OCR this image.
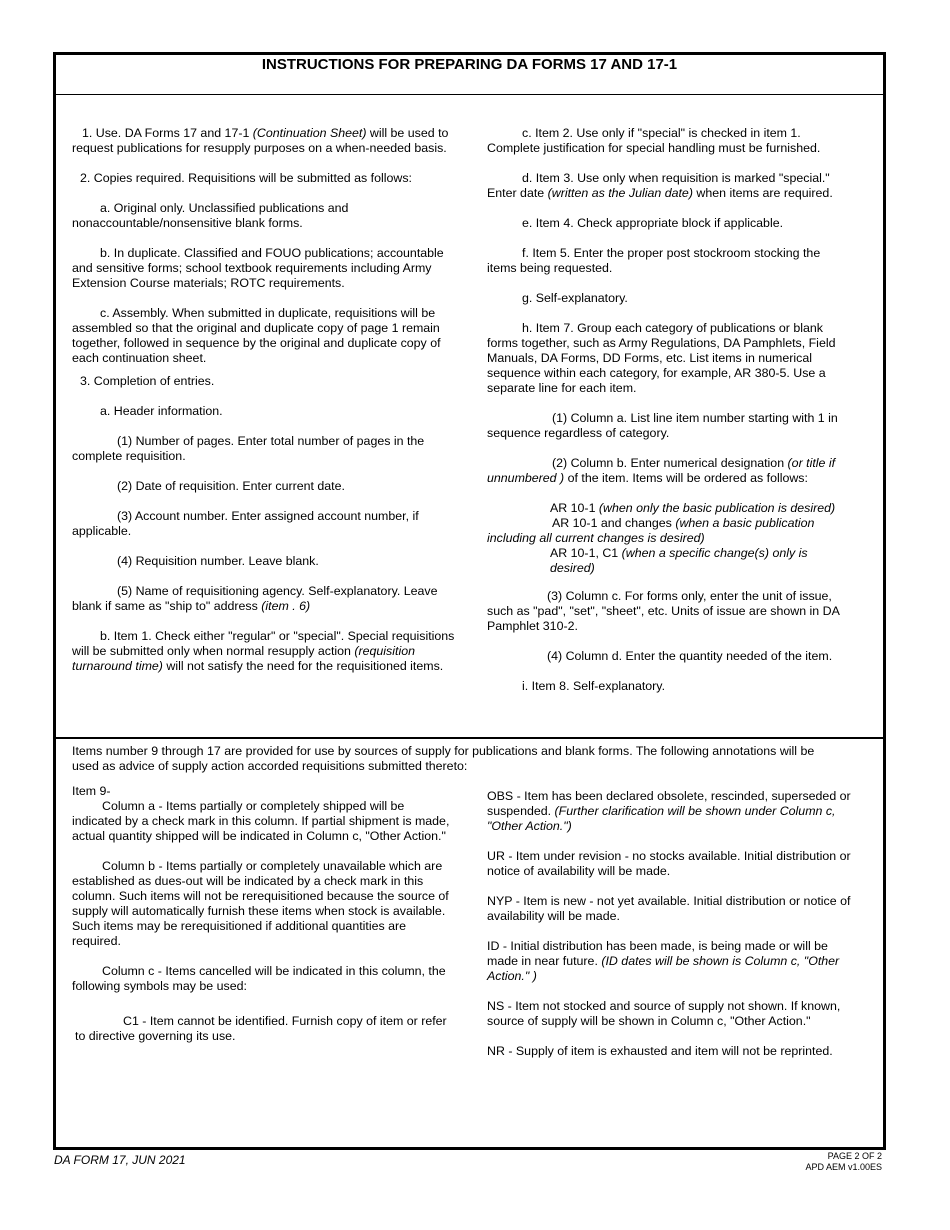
INSTRUCTIONS FOR PREPARING DA FORMS 17 AND 17-1

1. Use. DA Forms 17 and 17-1 (Continuation Sheet) will be used to request publications for resupply purposes on a when-needed basis.

2. Copies required. Requisitions will be submitted as follows:

a. Original only. Unclassified publications and nonaccountable/nonsensitive blank forms.

b. In duplicate. Classified and FOUO publications; accountable and sensitive forms; school textbook requirements including Army Extension Course materials; ROTC requirements.

c. Assembly. When submitted in duplicate, requisitions will be assembled so that the original and duplicate copy of page 1 remain together, followed in sequence by the original and duplicate copy of each continuation sheet.

3. Completion of entries.

a. Header information.

(1) Number of pages. Enter total number of pages in the complete requisition.

(2) Date of requisition. Enter current date.

(3) Account number. Enter assigned account number, if applicable.

(4) Requisition number. Leave blank.

(5) Name of requisitioning agency. Self-explanatory. Leave blank if same as "ship to" address (item . 6)

b. Item 1. Check either "regular" or "special". Special requisitions will be submitted only when normal resupply action (requisition turnaround time) will not satisfy the need for the requisitioned items.

c. Item 2. Use only if "special" is checked in item 1. Complete justification for special handling must be furnished.

d. Item 3. Use only when requisition is marked "special." Enter date (written as the Julian date) when items are required.

e. Item 4. Check appropriate block if applicable.

f. Item 5. Enter the proper post stockroom stocking the items being requested.

g. Self-explanatory.

h. Item 7. Group each category of publications or blank forms together, such as Army Regulations, DA Pamphlets, Field Manuals, DA Forms, DD Forms, etc. List items in numerical sequence within each category, for example, AR 380-5. Use a separate line for each item.

(1) Column a. List line item number starting with 1 in sequence regardless of category.

(2) Column b. Enter numerical designation (or title if unnumbered ) of the item. Items will be ordered as follows:

AR 10-1 (when only the basic publication is desired)

AR 10-1 and changes (when a basic publication including all current changes is desired)

AR 10-1, C1 (when a specific change(s) only is desired)

(3) Column c. For forms only, enter the unit of issue, such as "pad", "set", "sheet", etc. Units of issue are shown in DA Pamphlet 310-2.

(4) Column d. Enter the quantity needed of the item.

i. Item 8. Self-explanatory.

Items number 9 through 17 are provided for use by sources of supply for publications and blank forms. The following annotations will be used as advice of supply action accorded requisitions submitted thereto:

Item 9-

Column a - Items partially or completely shipped will be indicated by a check mark in this column. If partial shipment is made, actual quantity shipped will be indicated in Column c, "Other Action."

Column b - Items partially or completely unavailable which are established as dues-out will be indicated by a check mark in this column. Such items will not be rerequisitioned because the source of supply will automatically furnish these items when stock is available. Such items may be rerequisitioned if additional quantities are required.

Column c - Items cancelled will be indicated in this column, the following symbols may be used:

C1 - Item cannot be identified. Furnish copy of item or refer to directive governing its use.

OBS - Item has been declared obsolete, rescinded, superseded or suspended. (Further clarification will be shown under Column c, "Other Action.")

UR - Item under revision - no stocks available. Initial distribution or notice of availability will be made.

NYP - Item is new - not yet available. Initial distribution or notice of availability will be made.

ID - Initial distribution has been made, is being made or will be made in near future. (ID dates will be shown is Column c, "Other Action." )

NS - Item not stocked and source of supply not shown. If known, source of supply will be shown in Column c, "Other Action."

NR - Supply of item is exhausted and item will not be reprinted.

DA FORM 17, JUN 2021	PAGE 2 OF 2
APD AEM v1.00ES
